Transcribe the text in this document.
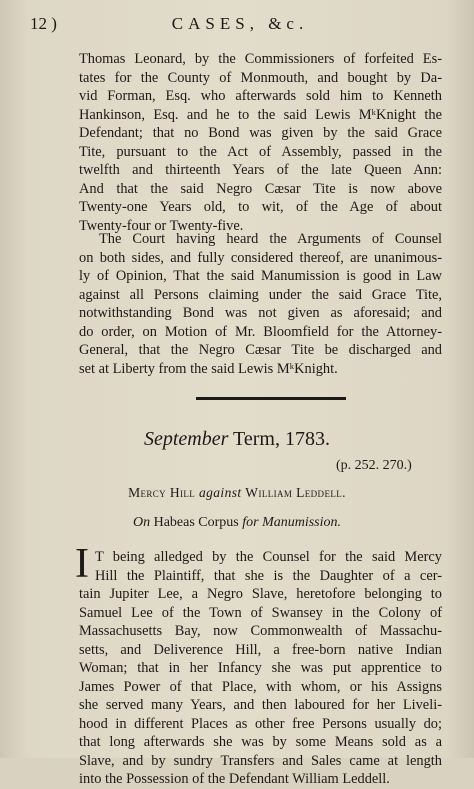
12 )	CASES, &c.

Thomas Leonard, by the Commissioners of forfeited Es-
tates for the County of Monmouth, and bought by Da-
vid Forman, Esq. who afterwards sold him to Kenneth
Hankinson, Esq. and he to the said Lewis MᵏKnight the
Defendant; that no Bond was given by the said Grace
Tite, pursuant to the Act of Assembly, passed in the
twelfth and thirteenth Years of the late Queen Ann:
And that the said Negro Cæsar Tite is now above
Twenty-one Years old, to wit, of the Age of about
Twenty-four or Twenty-five.

The Court having heard the Arguments of Counsel
on both sides, and fully considered thereof, are unanimous-
ly of Opinion, That the said Manumission is good in Law
against all Persons claiming under the said Grace Tite,
notwithstanding Bond was not given as aforesaid; and
do order, on Motion of Mr. Bloomfield for the Attorney-
General, that the Negro Cæsar Tite be discharged and
set at Liberty from the said Lewis MᵏKnight.

September Term, 1783.
(p. 252. 270.)
Mercy Hill against William Leddell.
On Habeas Corpus for Manumission.
I T being alledged by the Counsel for the said Mercy
Hill the Plaintiff, that she is the Daughter of a cer-
tain Jupiter Lee, a Negro Slave, heretofore belonging to
Samuel Lee of the Town of Swansey in the Colony of
Massachusetts Bay, now Commonwealth of Massachu-
setts, and Deliverence Hill, a free-born native Indian
Woman; that in her Infancy she was put apprentice to
James Power of that Place, with whom, or his Assigns
she served many Years, and then laboured for her Liveli-
hood in different Places as other free Persons usually do;
that long afterwards she was by some Means sold as a
Slave, and by sundry Transfers and Sales came at length
into the Possession of the Defendant William Leddell.
